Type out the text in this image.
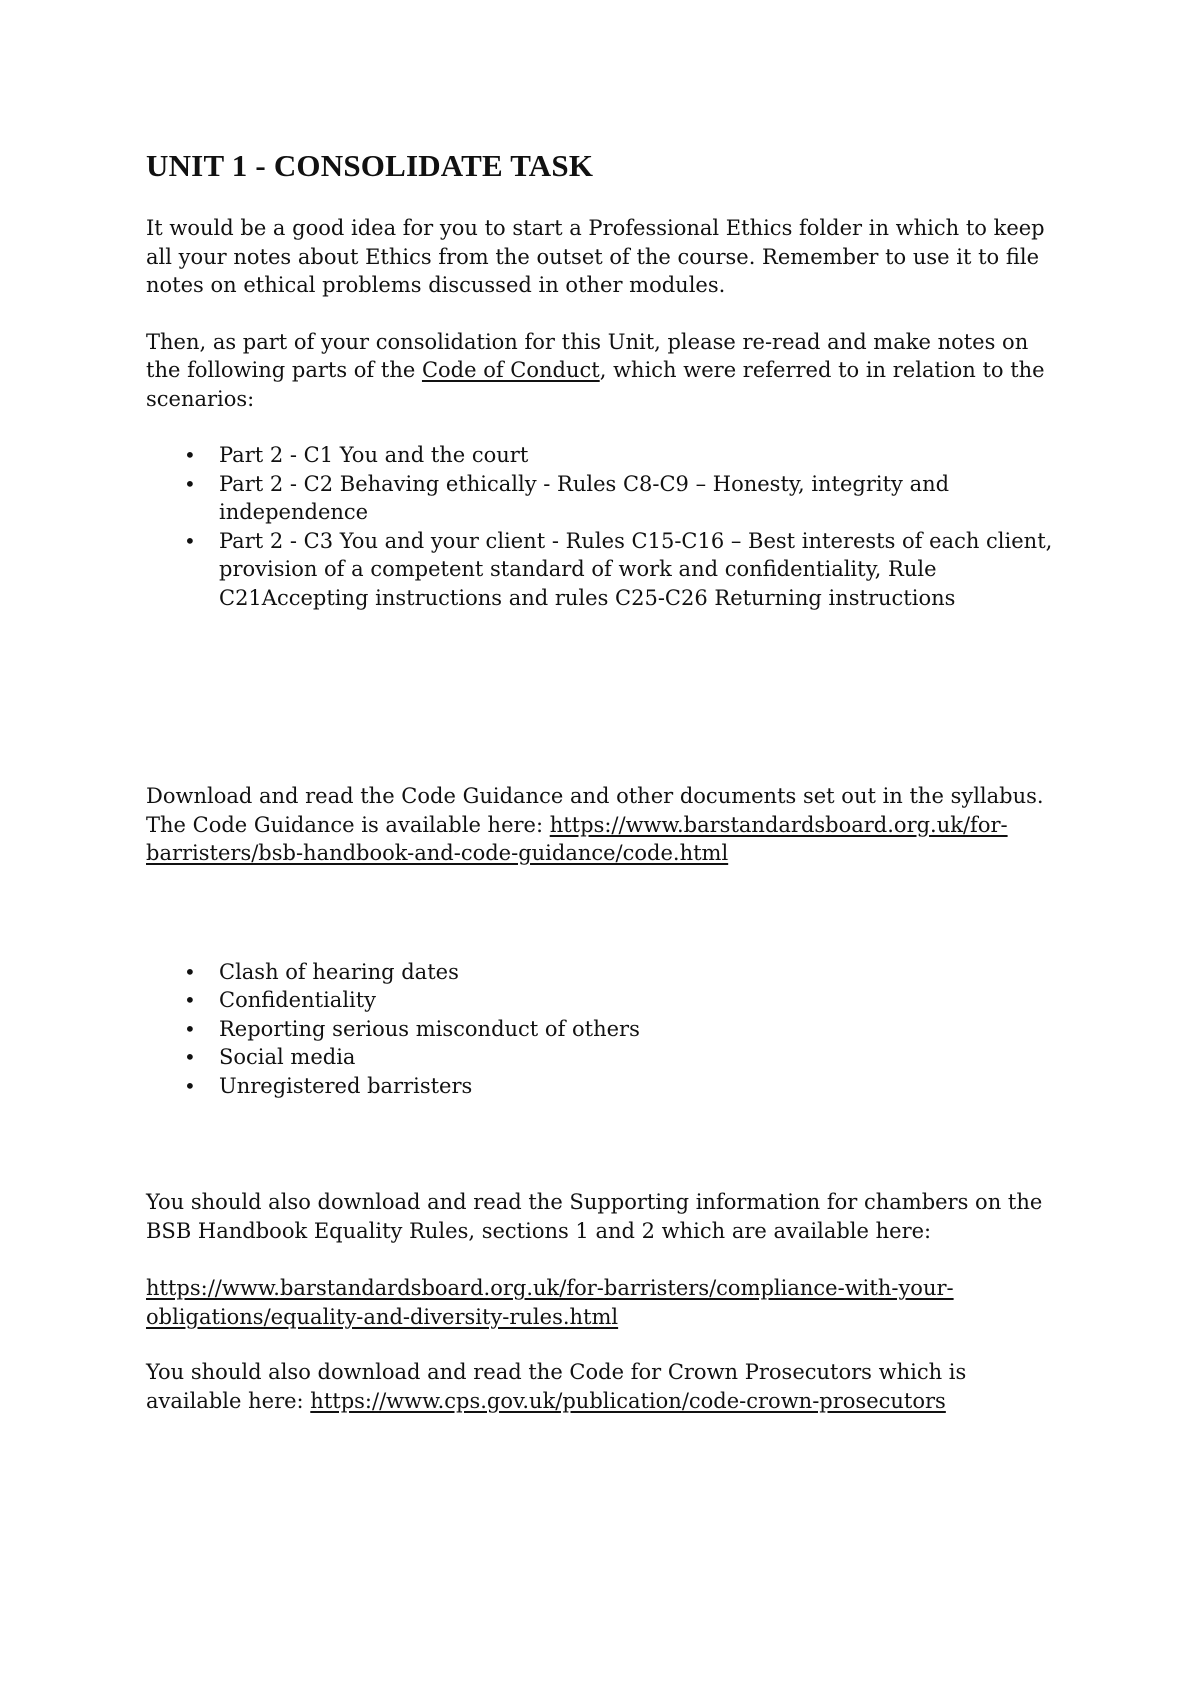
UNIT 1 - CONSOLIDATE TASK

It would be a good idea for you to start a Professional Ethics folder in which to keep all your notes about Ethics from the outset of the course. Remember to use it to file notes on ethical problems discussed in other modules.

Then, as part of your consolidation for this Unit, please re-read and make notes on the following parts of the Code of Conduct, which were referred to in relation to the scenarios:

• Part 2 - C1 You and the court
• Part 2 - C2 Behaving ethically - Rules C8-C9 – Honesty, integrity and independence
• Part 2 - C3 You and your client - Rules C15-C16 – Best interests of each client, provision of a competent standard of work and confidentiality, Rule C21Accepting instructions and rules C25-C26 Returning instructions

Download and read the Code Guidance and other documents set out in the syllabus. The Code Guidance is available here: https://www.barstandardsboard.org.uk/for-barristers/bsb-handbook-and-code-guidance/code.html

• Clash of hearing dates
• Confidentiality
• Reporting serious misconduct of others
• Social media
• Unregistered barristers

You should also download and read the Supporting information for chambers on the BSB Handbook Equality Rules, sections 1 and 2 which are available here:

https://www.barstandardsboard.org.uk/for-barristers/compliance-with-your-obligations/equality-and-diversity-rules.html

You should also download and read the Code for Crown Prosecutors which is available here: https://www.cps.gov.uk/publication/code-crown-prosecutors
